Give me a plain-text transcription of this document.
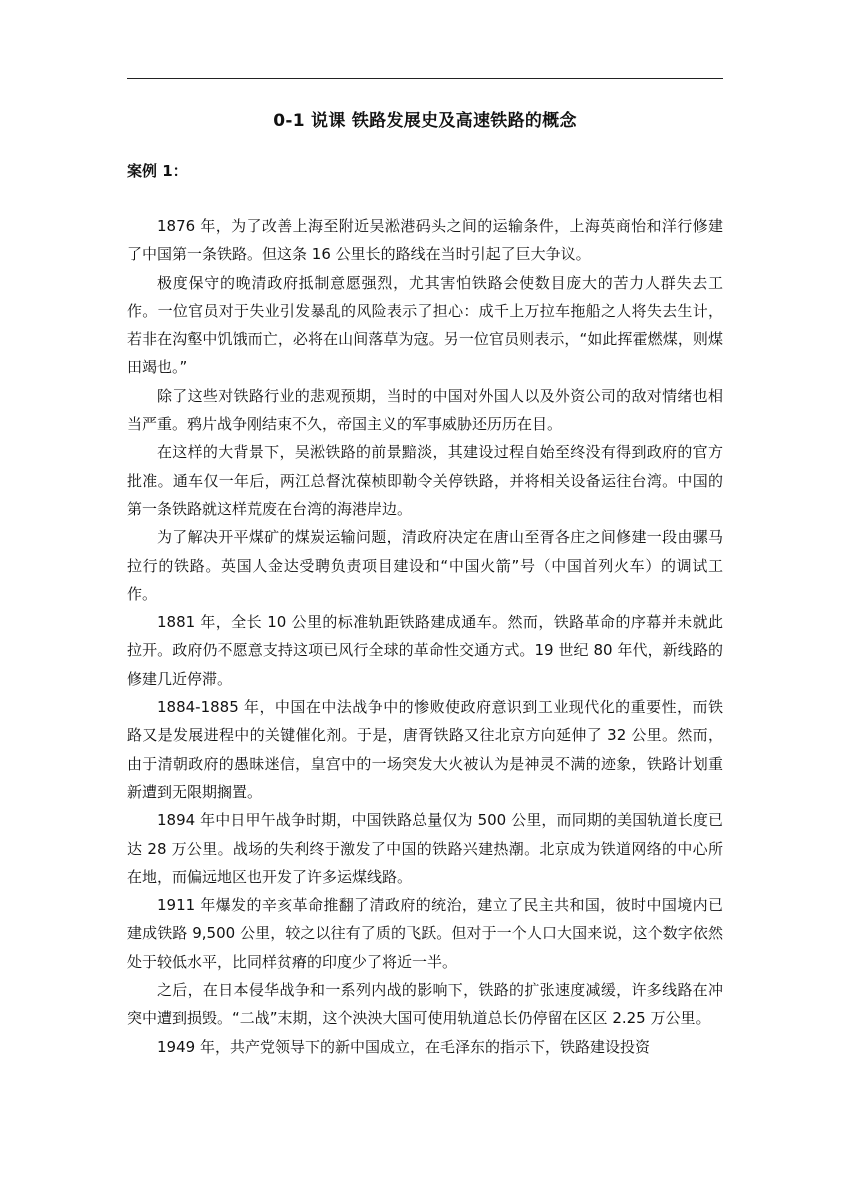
0-1 说课 铁路发展史及高速铁路的概念
案例 1：

1876 年，为了改善上海至附近吴淞港码头之间的运输条件，上海英商怡和洋行修建了中国第一条铁路。但这条 16 公里长的路线在当时引起了巨大争议。

极度保守的晚清政府抵制意愿强烈，尤其害怕铁路会使数目庞大的苦力人群失去工作。一位官员对于失业引发暴乱的风险表示了担心：成千上万拉车拖船之人将失去生计，若非在沟壑中饥饿而亡，必将在山间落草为寇。另一位官员则表示，“如此挥霍燃煤，则煤田竭也。”

除了这些对铁路行业的悲观预期，当时的中国对外国人以及外资公司的敌对情绪也相当严重。鸦片战争刚结束不久，帝国主义的军事威胁还历历在目。

在这样的大背景下，吴淞铁路的前景黯淡，其建设过程自始至终没有得到政府的官方批准。通车仅一年后，两江总督沈葆桢即勒令关停铁路，并将相关设备运往台湾。中国的第一条铁路就这样荒废在台湾的海港岸边。

为了解决开平煤矿的煤炭运输问题，清政府决定在唐山至胥各庄之间修建一段由骡马拉行的铁路。英国人金达受聘负责项目建设和“中国火箭”号（中国首列火车）的调试工作。

1881 年，全长 10 公里的标准轨距铁路建成通车。然而，铁路革命的序幕并未就此拉开。政府仍不愿意支持这项已风行全球的革命性交通方式。19 世纪 80 年代，新线路的修建几近停滞。

1884-1885 年，中国在中法战争中的惨败使政府意识到工业现代化的重要性，而铁路又是发展进程中的关键催化剂。于是，唐胥铁路又往北京方向延伸了 32 公里。然而，由于清朝政府的愚昧迷信，皇宫中的一场突发大火被认为是神灵不满的迹象，铁路计划重新遭到无限期搁置。

1894 年中日甲午战争时期，中国铁路总量仅为 500 公里，而同期的美国轨道长度已达 28 万公里。战场的失利终于激发了中国的铁路兴建热潮。北京成为铁道网络的中心所在地，而偏远地区也开发了许多运煤线路。

1911 年爆发的辛亥革命推翻了清政府的统治，建立了民主共和国，彼时中国境内已建成铁路 9,500 公里，较之以往有了质的飞跃。但对于一个人口大国来说，这个数字依然处于较低水平，比同样贫瘠的印度少了将近一半。

之后，在日本侵华战争和一系列内战的影响下，铁路的扩张速度减缓，许多线路在冲突中遭到损毁。“二战”末期，这个泱泱大国可使用轨道总长仍停留在区区 2.25 万公里。

1949 年，共产党领导下的新中国成立，在毛泽东的指示下，铁路建设投资
